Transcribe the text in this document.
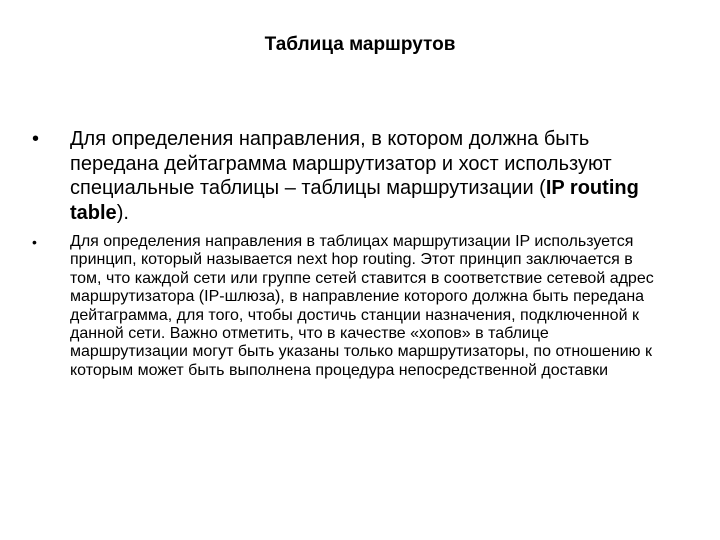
Таблица маршрутов
• Для определения направления, в котором должна быть передана дейтаграмма маршрутизатор и хост используют специальные таблицы – таблицы маршрутизации (IP routing table).
• Для определения направления в таблицах маршрутизации IP используется принцип, который называется next hop routing. Этот принцип заключается в том, что каждой сети или группе сетей ставится в соответствие сетевой адрес маршрутизатора (IP-шлюза), в направление которого должна быть передана дейтаграмма, для того, чтобы достичь станции назначения, подключенной к данной сети. Важно отметить, что в качестве «хопов» в таблице маршрутизации могут быть указаны только маршрутизаторы, по отношению к которым может быть выполнена процедура непосредственной доставки
